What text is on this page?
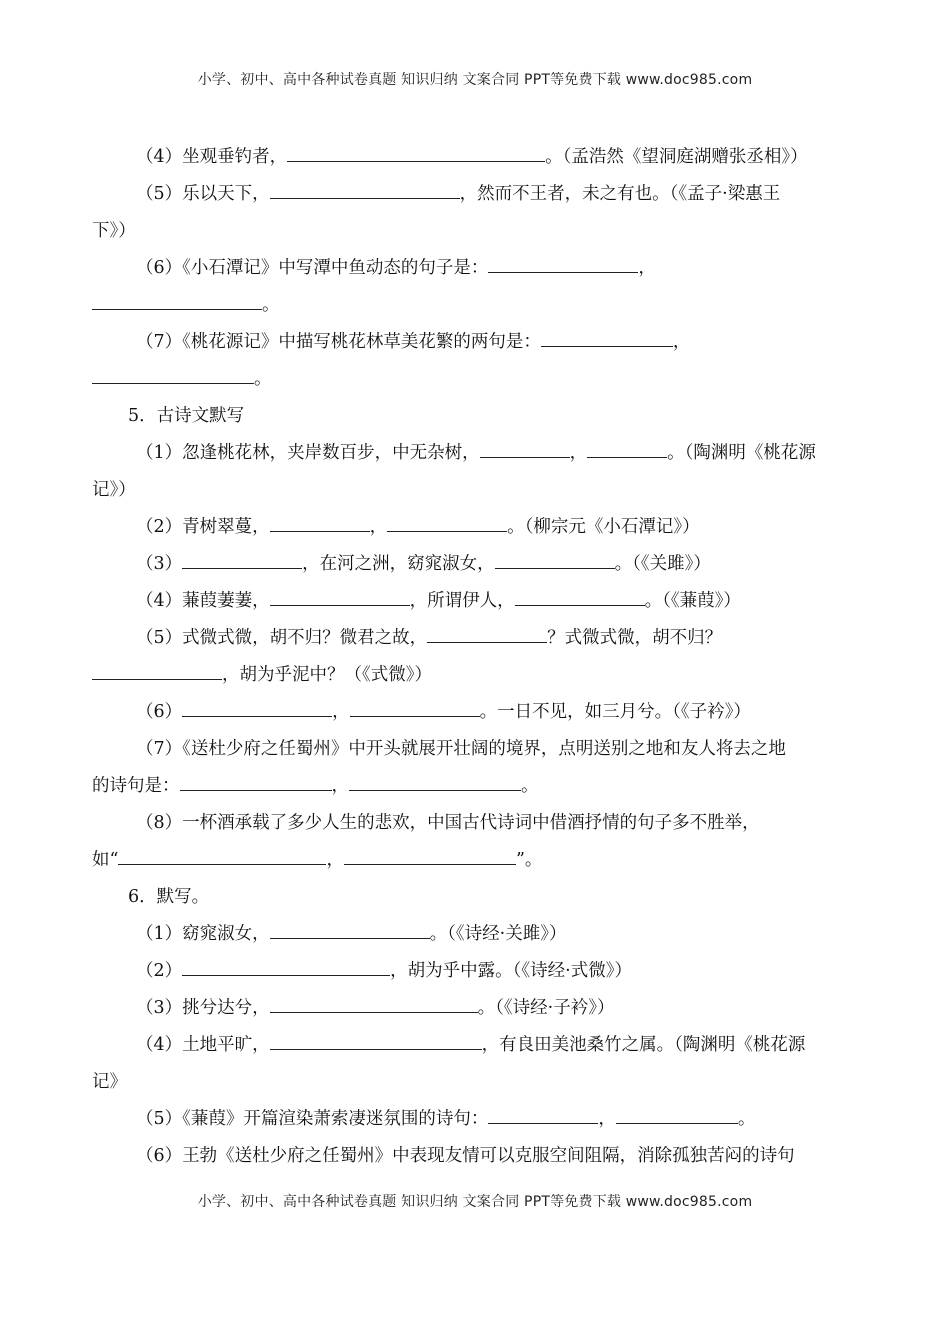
小学、初中、高中各种试卷真题 知识归纳 文案合同 PPT等免费下载 www.doc985.com
（4）坐观垂钓者，	。（孟浩然《望洞庭湖赠张丞相》）
（5）乐以天下，	，然而不王者，未之有也。（《孟子·梁惠王
下》）
（6）《小石潭记》中写潭中鱼动态的句子是：	，
。
（7）《桃花源记》中描写桃花林草美花繁的两句是：	，
。
5．古诗文默写
（1）忽逢桃花林，夹岸数百步，中无杂树，	，	。（陶渊明《桃花源
记》）
（2）青树翠蔓，	，	。（柳宗元《小石潭记》）
（3）	，在河之洲，窈窕淑女，	。（《关雎》）
（4）蒹葭萋萋，	，所谓伊人，	。（《蒹葭》）
（5）式微式微，胡不归？微君之故，	？式微式微，胡不归？
，胡为乎泥中？（《式微》）
（6）	，	。一日不见，如三月兮。（《子衿》）
（7）《送杜少府之任蜀州》中开头就展开壮阔的境界，点明送别之地和友人将去之地
的诗句是：	，	。
（8）一杯酒承载了多少人生的悲欢，中国古代诗词中借酒抒情的句子多不胜举，
如“	，	”。
6．默写。
（1）窈窕淑女，	。（《诗经·关雎》）
（2）	，胡为乎中露。（《诗经·式微》）
（3）挑兮达兮，	。（《诗经·子衿》）
（4）土地平旷，	，有良田美池桑竹之属。（陶渊明《桃花源
记》
（5）《蒹葭》开篇渲染萧索凄迷氛围的诗句：	，	。
（6）王勃《送杜少府之任蜀州》中表现友情可以克服空间阻隔，消除孤独苦闷的诗句
小学、初中、高中各种试卷真题 知识归纳 文案合同 PPT等免费下载 www.doc985.com
